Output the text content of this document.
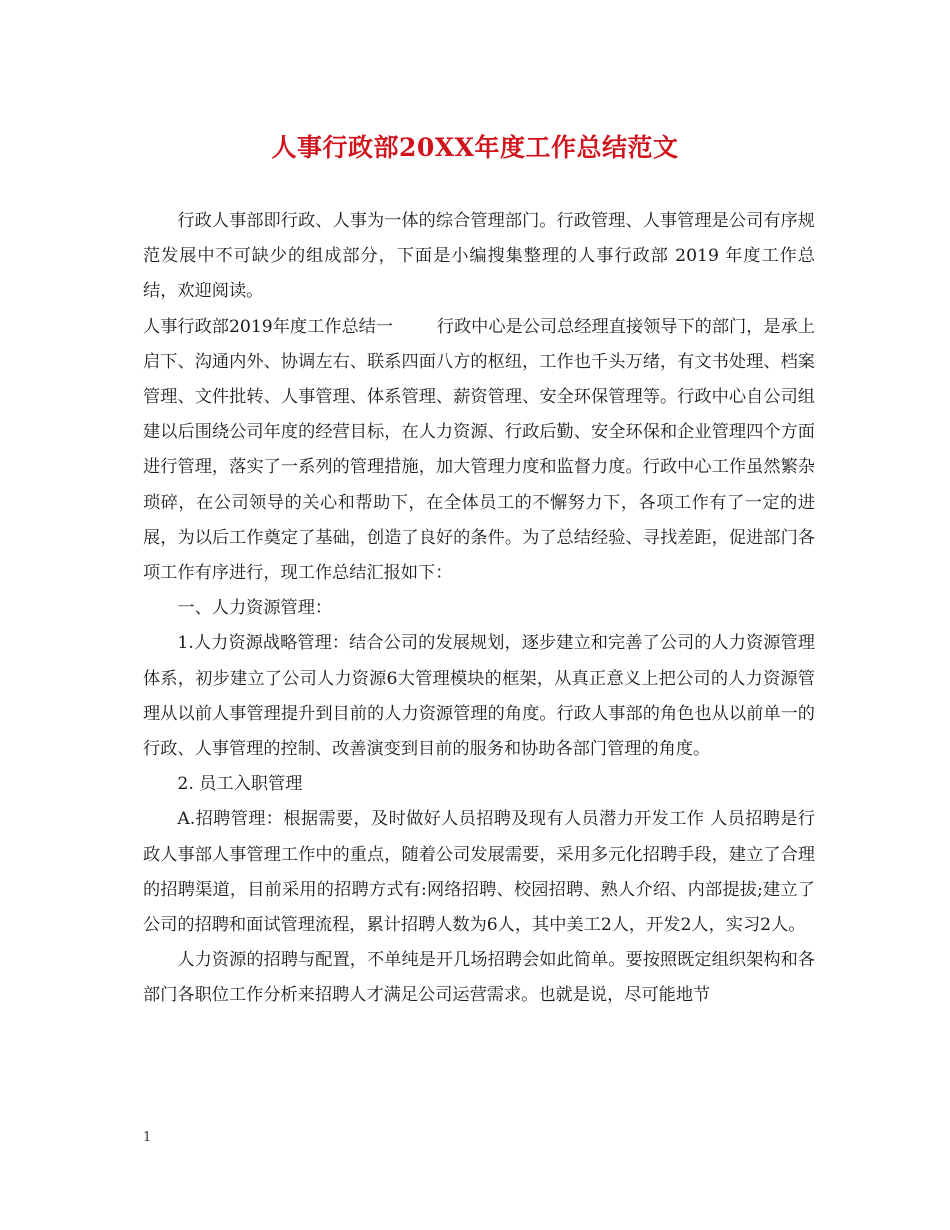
人事行政部20XX年度工作总结范文

行政人事部即行政、人事为一体的综合管理部门。行政管理、人事管理是公司有序规范发展中不可缺少的组成部分，下面是小编搜集整理的人事行政部 2019 年度工作总结，欢迎阅读。

人事行政部2019年度工作总结一        行政中心是公司总经理直接领导下的部门，是承上启下、沟通内外、协调左右、联系四面八方的枢纽，工作也千头万绪，有文书处理、档案管理、文件批转、人事管理、体系管理、薪资管理、安全环保管理等。行政中心自公司组建以后围绕公司年度的经营目标，在人力资源、行政后勤、安全环保和企业管理四个方面进行管理，落实了一系列的管理措施，加大管理力度和监督力度。行政中心工作虽然繁杂琐碎，在公司领导的关心和帮助下，在全体员工的不懈努力下，各项工作有了一定的进展，为以后工作奠定了基础，创造了良好的条件。为了总结经验、寻找差距，促进部门各项工作有序进行，现工作总结汇报如下：

一、人力资源管理：

1.人力资源战略管理：结合公司的发展规划，逐步建立和完善了公司的人力资源管理体系，初步建立了公司人力资源6大管理模块的框架，从真正意义上把公司的人力资源管理从以前人事管理提升到目前的人力资源管理的角度。行政人事部的角色也从以前单一的行政、人事管理的控制、改善演变到目前的服务和协助各部门管理的角度。

2. 员工入职管理

A.招聘管理：根据需要，及时做好人员招聘及现有人员潜力开发工作 人员招聘是行政人事部人事管理工作中的重点，随着公司发展需要，采用多元化招聘手段，建立了合理的招聘渠道，目前采用的招聘方式有:网络招聘、校园招聘、熟人介绍、内部提拔;建立了公司的招聘和面试管理流程，累计招聘人数为6人，其中美工2人，开发2人，实习2人。

人力资源的招聘与配置，不单纯是开几场招聘会如此简单。要按照既定组织架构和各部门各职位工作分析来招聘人才满足公司运营需求。也就是说，尽可能地节

1
